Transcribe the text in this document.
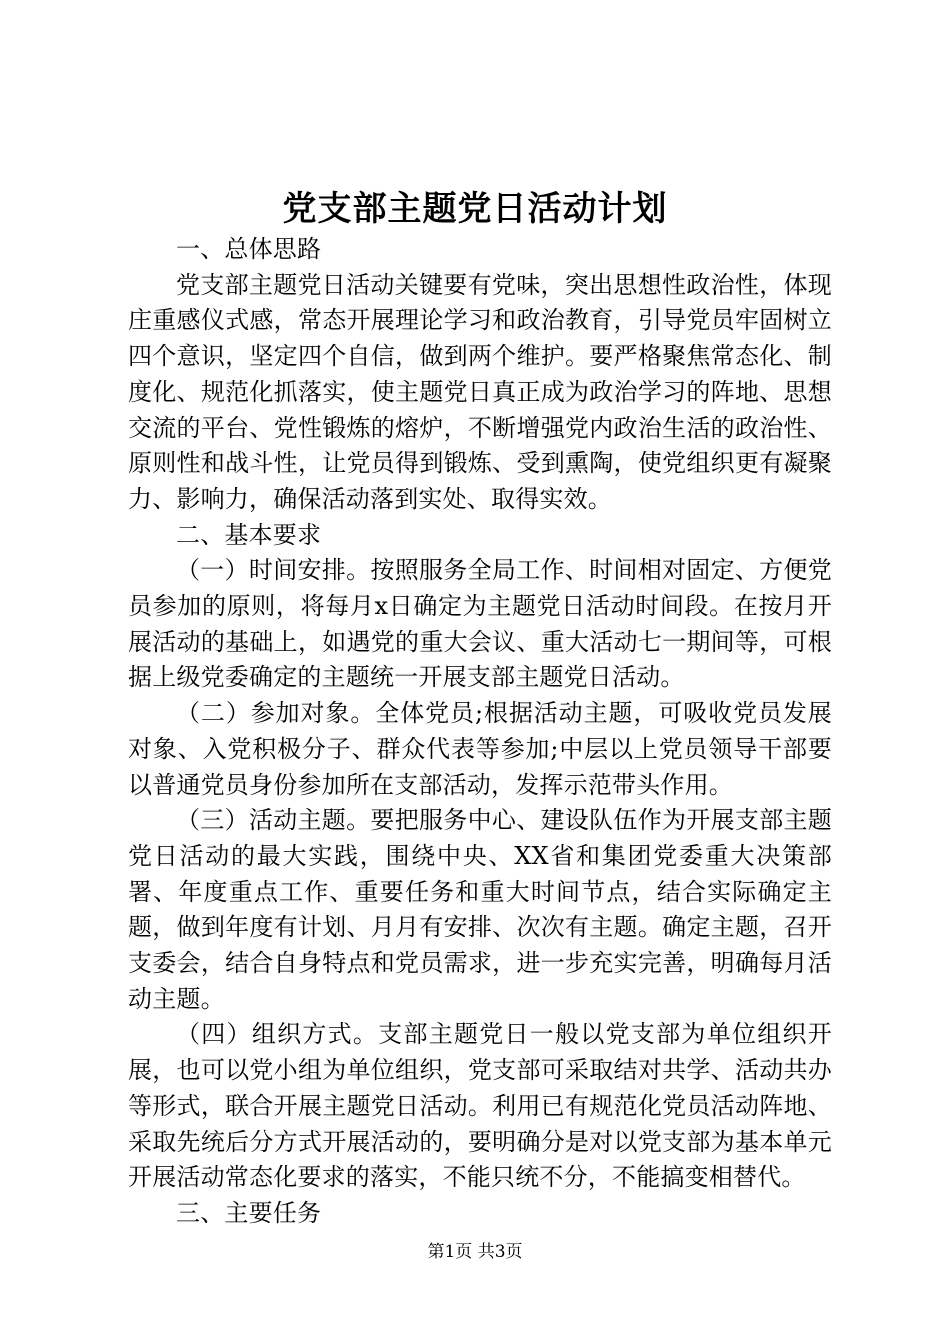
党支部主题党日活动计划

一、总体思路

党支部主题党日活动关键要有党味，突出思想性政治性，体现庄重感仪式感，常态开展理论学习和政治教育，引导党员牢固树立四个意识，坚定四个自信，做到两个维护。要严格聚焦常态化、制度化、规范化抓落实，使主题党日真正成为政治学习的阵地、思想交流的平台、党性锻炼的熔炉，不断增强党内政治生活的政治性、原则性和战斗性，让党员得到锻炼、受到熏陶，使党组织更有凝聚力、影响力，确保活动落到实处、取得实效。

二、基本要求

（一）时间安排。按照服务全局工作、时间相对固定、方便党员参加的原则，将每月x日确定为主题党日活动时间段。在按月开展活动的基础上，如遇党的重大会议、重大活动七一期间等，可根据上级党委确定的主题统一开展支部主题党日活动。

（二）参加对象。全体党员;根据活动主题，可吸收党员发展对象、入党积极分子、群众代表等参加;中层以上党员领导干部要以普通党员身份参加所在支部活动，发挥示范带头作用。

（三）活动主题。要把服务中心、建设队伍作为开展支部主题党日活动的最大实践，围绕中央、XX省和集团党委重大决策部署、年度重点工作、重要任务和重大时间节点，结合实际确定主题，做到年度有计划、月月有安排、次次有主题。确定主题，召开支委会，结合自身特点和党员需求，进一步充实完善，明确每月活动主题。

（四）组织方式。支部主题党日一般以党支部为单位组织开展，也可以党小组为单位组织，党支部可采取结对共学、活动共办等形式，联合开展主题党日活动。利用已有规范化党员活动阵地、采取先统后分方式开展活动的，要明确分是对以党支部为基本单元开展活动常态化要求的落实，不能只统不分，不能搞变相替代。

三、主要任务

第1页 共3页
